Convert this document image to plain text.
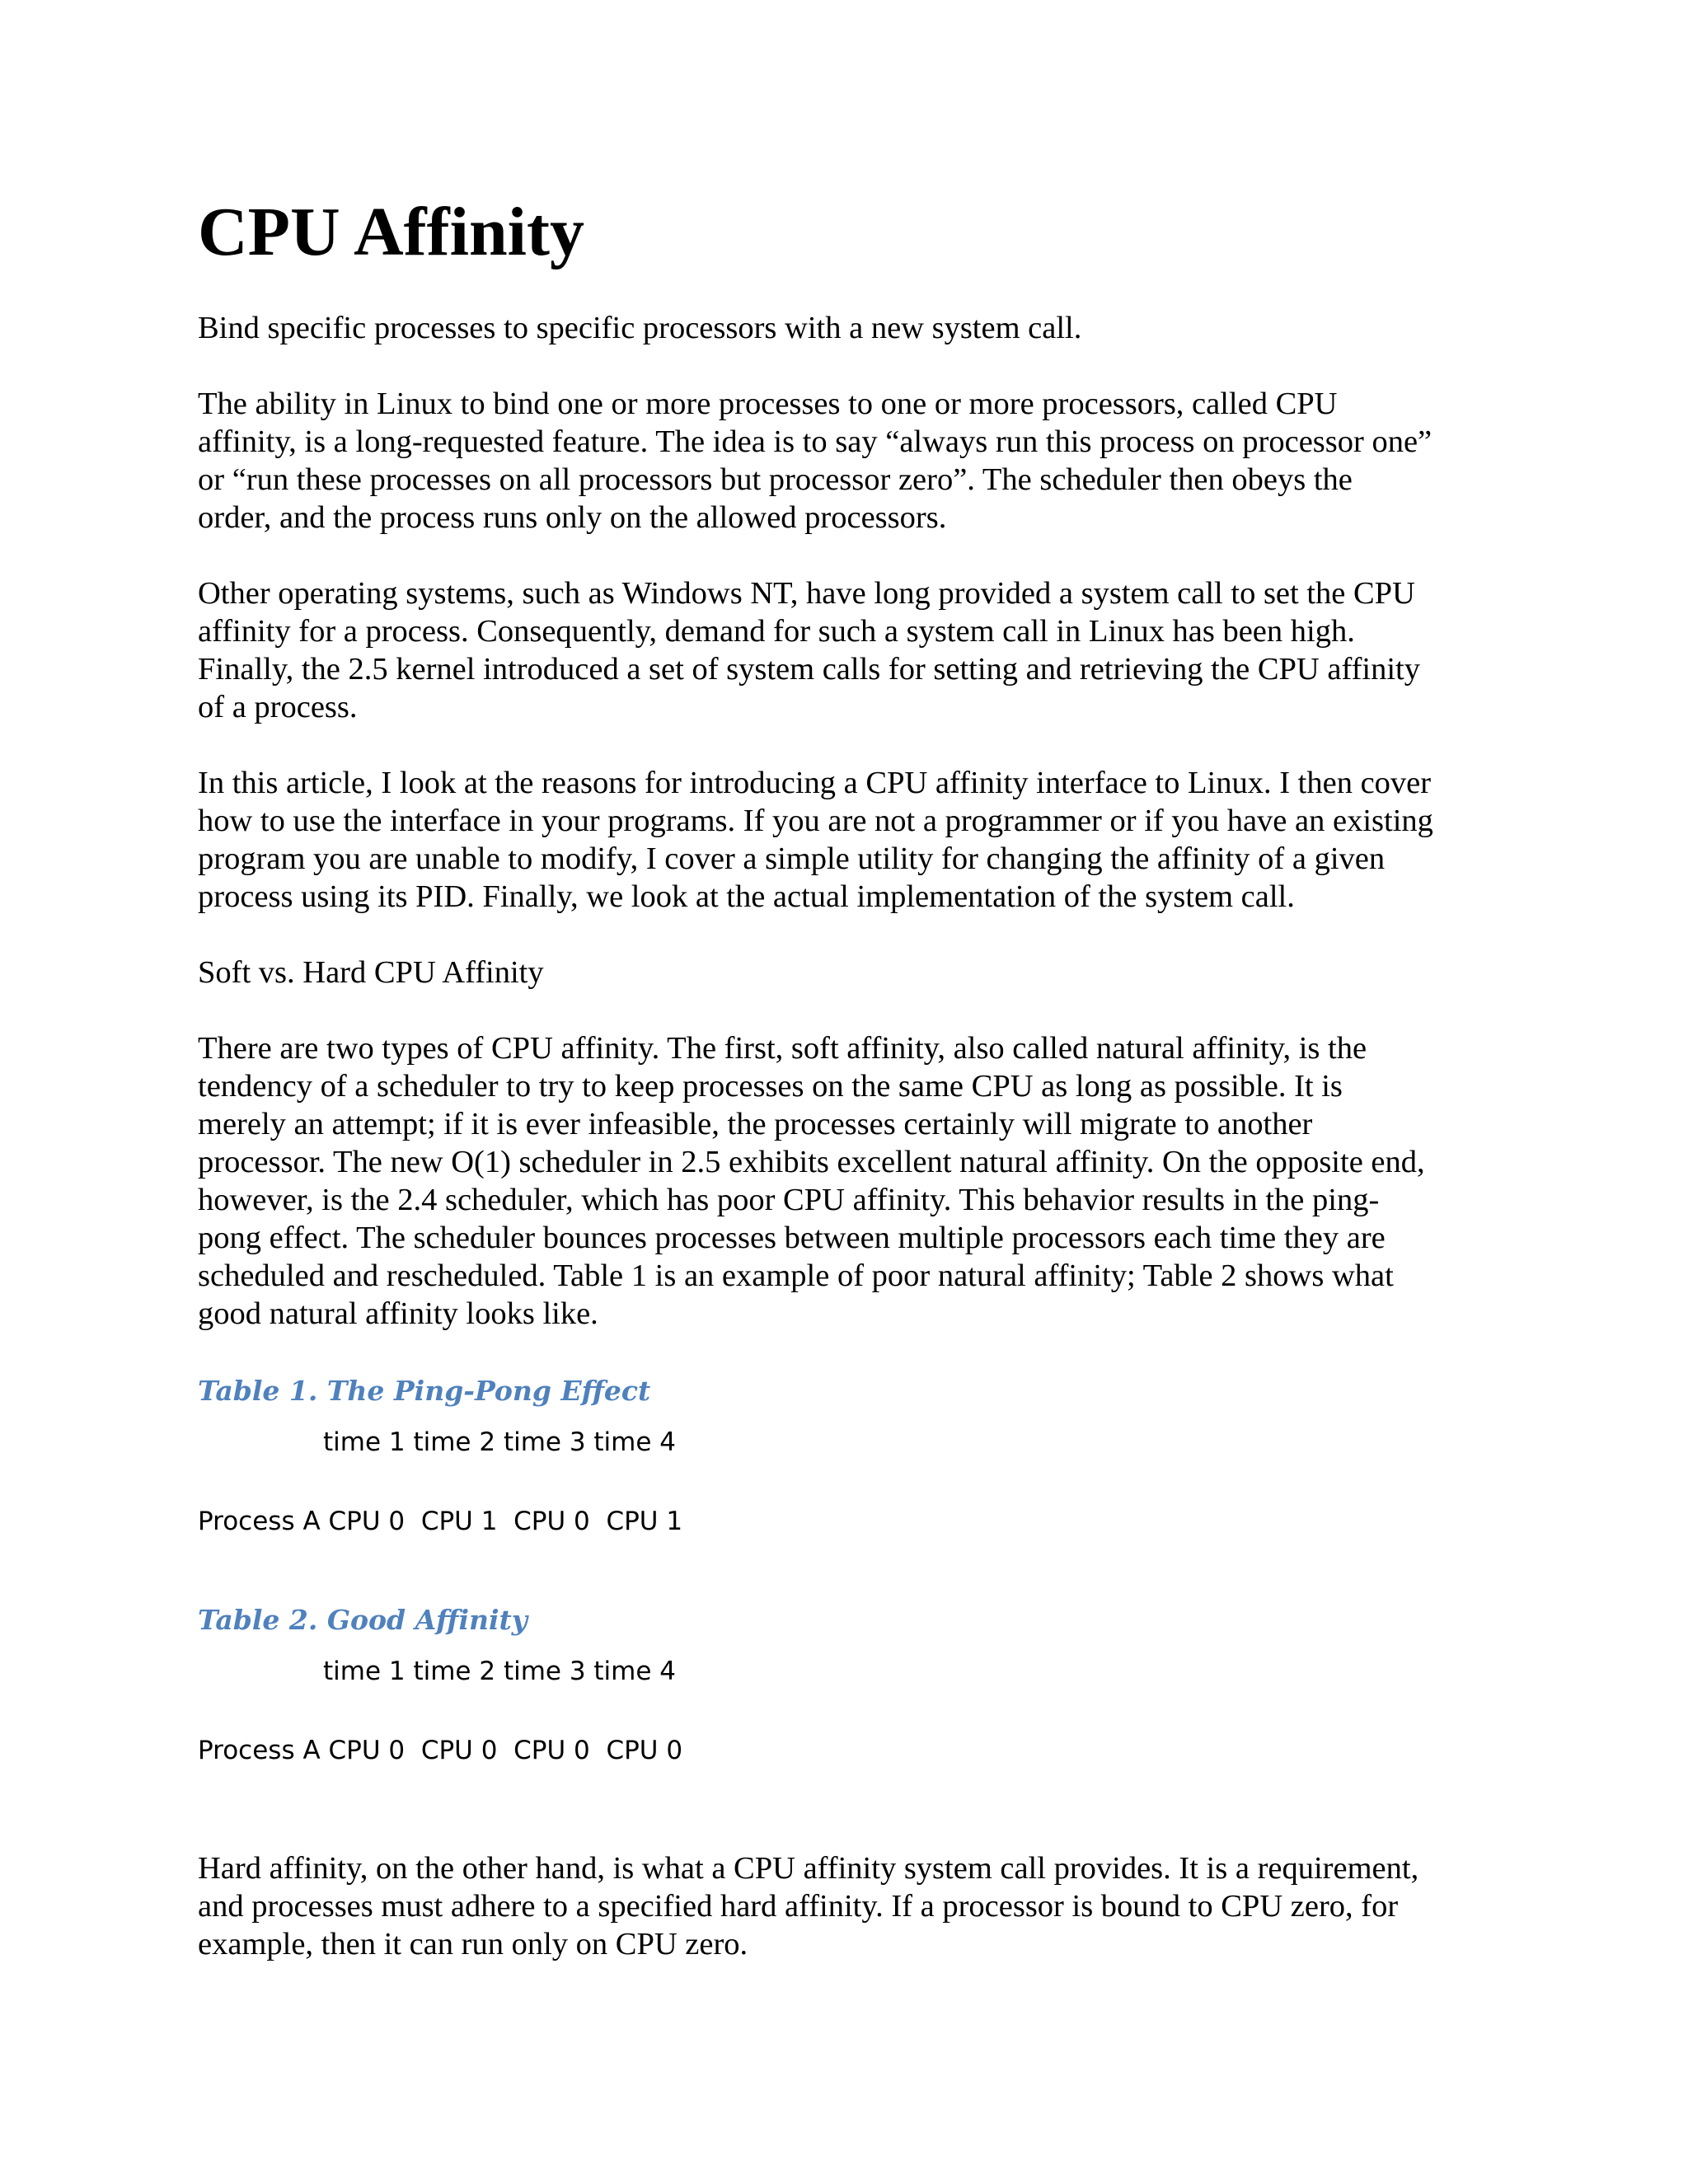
CPU Affinity

Bind specific processes to specific processors with a new system call.

The ability in Linux to bind one or more processes to one or more processors, called CPU
affinity, is a long-requested feature. The idea is to say “always run this process on processor one”
or “run these processes on all processors but processor zero”. The scheduler then obeys the
order, and the process runs only on the allowed processors.

Other operating systems, such as Windows NT, have long provided a system call to set the CPU
affinity for a process. Consequently, demand for such a system call in Linux has been high.
Finally, the 2.5 kernel introduced a set of system calls for setting and retrieving the CPU affinity
of a process.

In this article, I look at the reasons for introducing a CPU affinity interface to Linux. I then cover
how to use the interface in your programs. If you are not a programmer or if you have an existing
program you are unable to modify, I cover a simple utility for changing the affinity of a given
process using its PID. Finally, we look at the actual implementation of the system call.

Soft vs. Hard CPU Affinity

There are two types of CPU affinity. The first, soft affinity, also called natural affinity, is the
tendency of a scheduler to try to keep processes on the same CPU as long as possible. It is
merely an attempt; if it is ever infeasible, the processes certainly will migrate to another
processor. The new O(1) scheduler in 2.5 exhibits excellent natural affinity. On the opposite end,
however, is the 2.4 scheduler, which has poor CPU affinity. This behavior results in the ping-
pong effect. The scheduler bounces processes between multiple processors each time they are
scheduled and rescheduled. Table 1 is an example of poor natural affinity; Table 2 shows what
good natural affinity looks like.

Table 1. The Ping-Pong Effect

time 1 time 2 time 3 time 4
Process A CPU 0  CPU 1  CPU 0  CPU 1

Table 2. Good Affinity

time 1 time 2 time 3 time 4
Process A CPU 0  CPU 0  CPU 0  CPU 0

Hard affinity, on the other hand, is what a CPU affinity system call provides. It is a requirement,
and processes must adhere to a specified hard affinity. If a processor is bound to CPU zero, for
example, then it can run only on CPU zero.
